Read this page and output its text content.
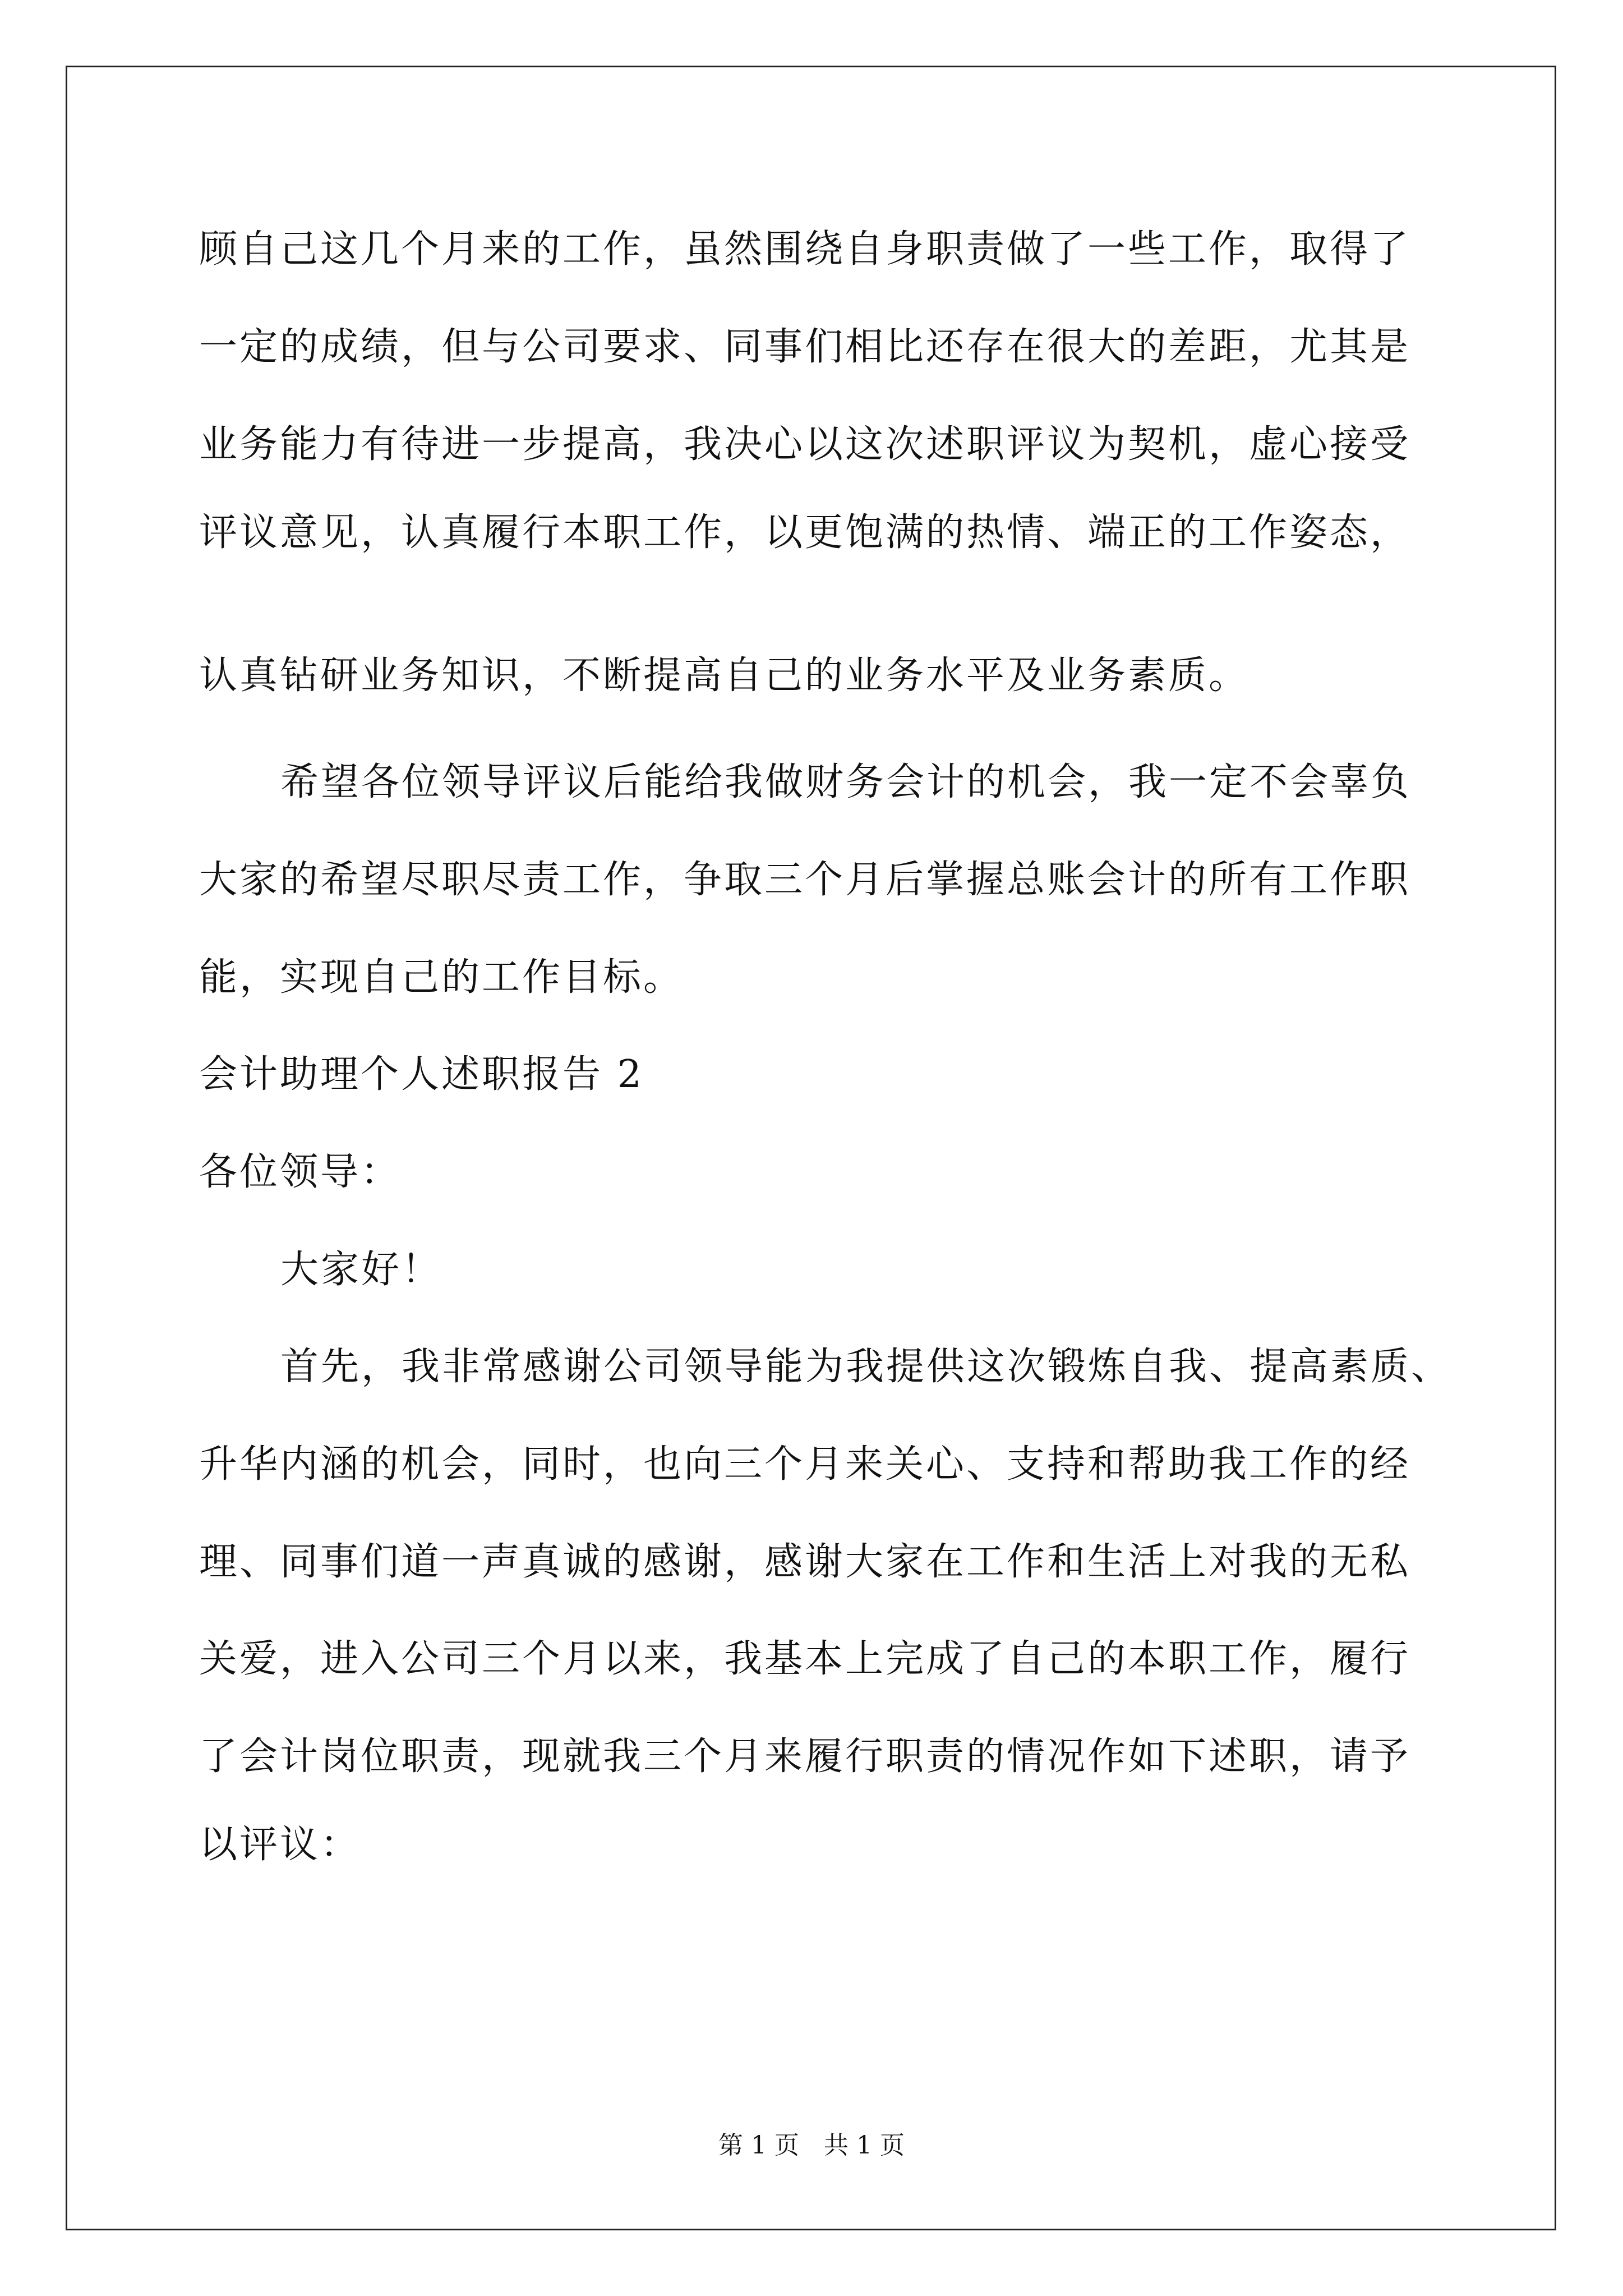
顾自己这几个月来的工作，虽然围绕自身职责做了一些工作，取得了
一定的成绩，但与公司要求、同事们相比还存在很大的差距，尤其是
业务能力有待进一步提高，我决心以这次述职评议为契机，虚心接受
评议意见，认真履行本职工作，以更饱满的热情、端正的工作姿态，
认真钻研业务知识，不断提高自己的业务水平及业务素质。
希望各位领导评议后能给我做财务会计的机会，我一定不会辜负
大家的希望尽职尽责工作，争取三个月后掌握总账会计的所有工作职
能，实现自己的工作目标。
会计助理个人述职报告 2
各位领导：
大家好！
首先，我非常感谢公司领导能为我提供这次锻炼自我、提高素质、
升华内涵的机会，同时，也向三个月来关心、支持和帮助我工作的经
理、同事们道一声真诚的感谢，感谢大家在工作和生活上对我的无私
关爱，进入公司三个月以来，我基本上完成了自己的本职工作，履行
了会计岗位职责，现就我三个月来履行职责的情况作如下述职，请予
以评议：
第 1 页　共 1 页
